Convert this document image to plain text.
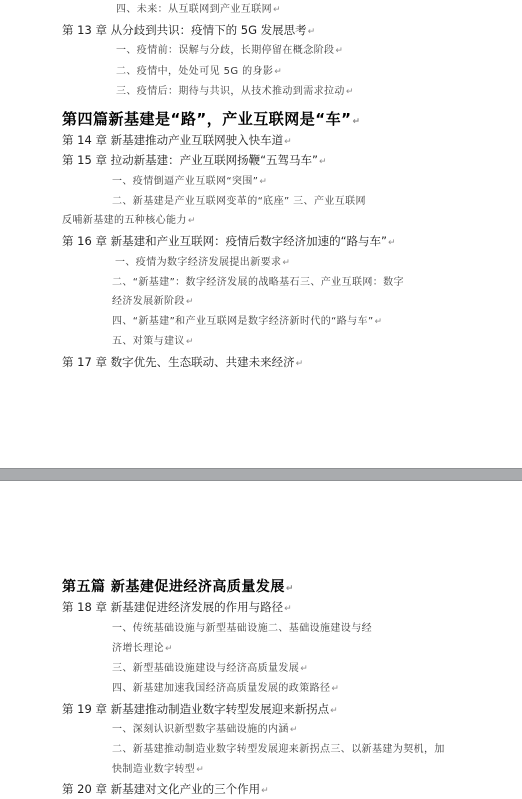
四、未来：从互联网到产业互联网↵
第 13 章 从分歧到共识：疫情下的 5G 发展思考↵
一、疫情前：误解与分歧，长期停留在概念阶段↵
二、疫情中，处处可见 5G 的身影↵
三、疫情后：期待与共识，从技术推动到需求拉动↵
第四篇新基建是“路”，产业互联网是“车”↵
第 14 章 新基建推动产业互联网驶入快车道↵
第 15 章 拉动新基建：产业互联网扬鞭“五驾马车”↵
一、疫情倒逼产业互联网“突围”↵
二、新基建是产业互联网变革的“底座” 三、产业互联网
反哺新基建的五种核心能力↵
第 16 章 新基建和产业互联网：疫情后数字经济加速的“路与车”↵
一、疫情为数字经济发展提出新要求↵
二、“新基建”：数字经济发展的战略基石三、产业互联网：数字
经济发展新阶段↵
四、“新基建”和产业互联网是数字经济新时代的“路与车”↵
五、对策与建议↵
第 17 章 数字优先、生态联动、共建未来经济↵
第五篇 新基建促进经济高质量发展↵
第 18 章 新基建促进经济发展的作用与路径↵
一、传统基础设施与新型基础设施二、基础设施建设与经
济增长理论↵
三、新型基础设施建设与经济高质量发展↵
四、新基建加速我国经济高质量发展的政策路径↵
第 19 章 新基建推动制造业数字转型发展迎来新拐点↵
一、深刻认识新型数字基础设施的内涵↵
二、新基建推动制造业数字转型发展迎来新拐点三、以新基建为契机，加
快制造业数字转型↵
第 20 章 新基建对文化产业的三个作用↵
